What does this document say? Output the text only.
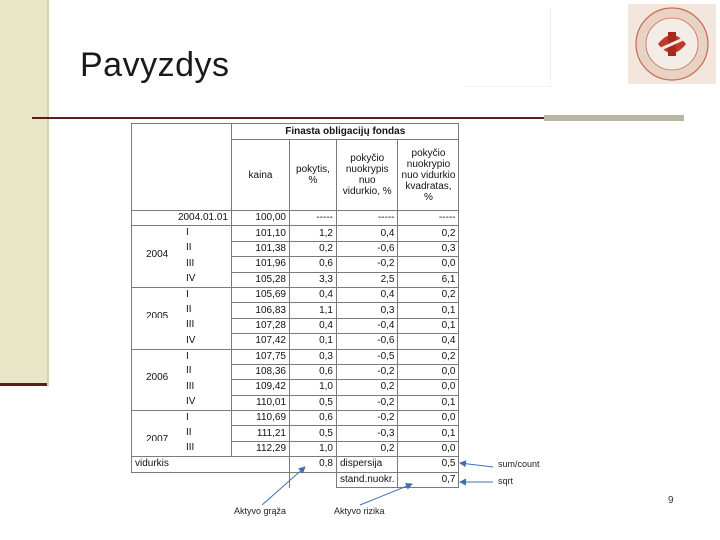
Pavyzdys
	Finasta obligacijų fondas			
	kaina	pokytis, %	pokyčio nuokrypis nuo vidurkio, %	pokyčio nuokrypio nuo vidurkio kvadratas, %
2004.01.01	100,00	-----	-----	-----

I	101,10	1,2	0,4	0,2

2004
II	101,38	0,2	-0,6	0,3

III	101,96	0,6	-0,2	0,0

IV	105,28	3,3	2,5	6,1

I	105,69	0,4	0,4	0,2

2005
II	106,83	1,1	0,3	0,1

III	107,28	0,4	-0,4	0,1

IV	107,42	0,1	-0,6	0,4

I	107,75	0,3	-0,5	0,2

2006
II	108,36	0,6	-0,2	0,0

III	109,42	1,0	0,2	0,0

IV	110,01	0,5	-0,2	0,1

I	110,69	0,6	-0,2	0,0

2007
II	111,21	0,5	-0,3	0,1

III	112,29	1,0	0,2	0,0
vidurkis		0,8	dispersija	0,5
			stand.nuokr.	0,7
sum/count
sqrt
Aktyvo grąža	Aktyvo rizika
9
